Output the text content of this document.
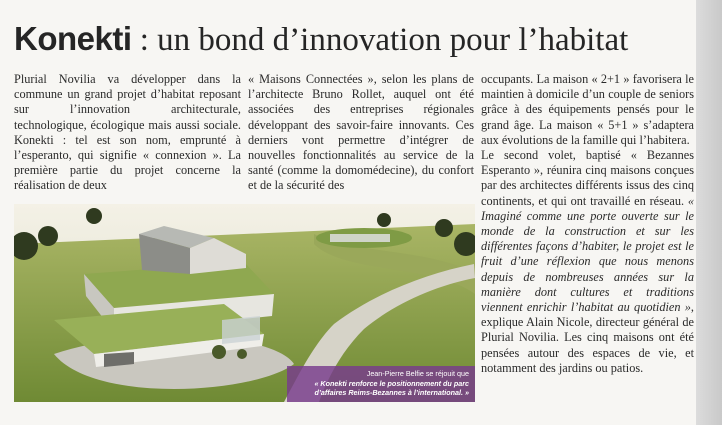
Konekti : un bond d’innovation pour l’habitat

Plurial Novilia va développer dans la commune un grand projet d’habitat reposant sur l’innovation architecturale, technologique, écologique mais aussi sociale. Konekti : tel est son nom, emprunté à l’esperanto, qui signifie « connexion ». La première partie du projet concerne la réalisation de deux

« Maisons Connectées », selon les plans de l’architecte Bruno Rollet, auquel ont été associées des entreprises régionales développant des savoir-faire innovants. Ces derniers vont permettre d’intégrer de nouvelles fonctionnalités au service de la santé (comme la domomédecine), du confort et de la sécurité des

occupants. La maison « 2+1 » favorisera le maintien à domicile d’un couple de seniors grâce à des équipements pensés pour le grand âge. La maison « 5+1 » s’adaptera aux évolutions de la famille qui l’habitera.

Le second volet, baptisé « Bezannes Esperanto », réunira cinq maisons conçues par des architectes différents issus des cinq continents, et qui ont travaillé en réseau. « Imaginé comme une porte ouverte sur le monde de la construction et sur les différentes façons d’habiter, le projet est le fruit d’une réflexion que nous menons depuis de nombreuses années sur la manière dont cultures et traditions viennent enrichir l’habitat au quotidien », explique Alain Nicole, directeur général de Plurial Novilia. Les cinq maisons ont été pensées autour des espaces de vie, et notamment des jardins ou patios.

Jean-Pierre Belfie se réjouit que
« Konekti renforce le positionnement du parc d’affaires Reims-Bezannes à l’international. »
